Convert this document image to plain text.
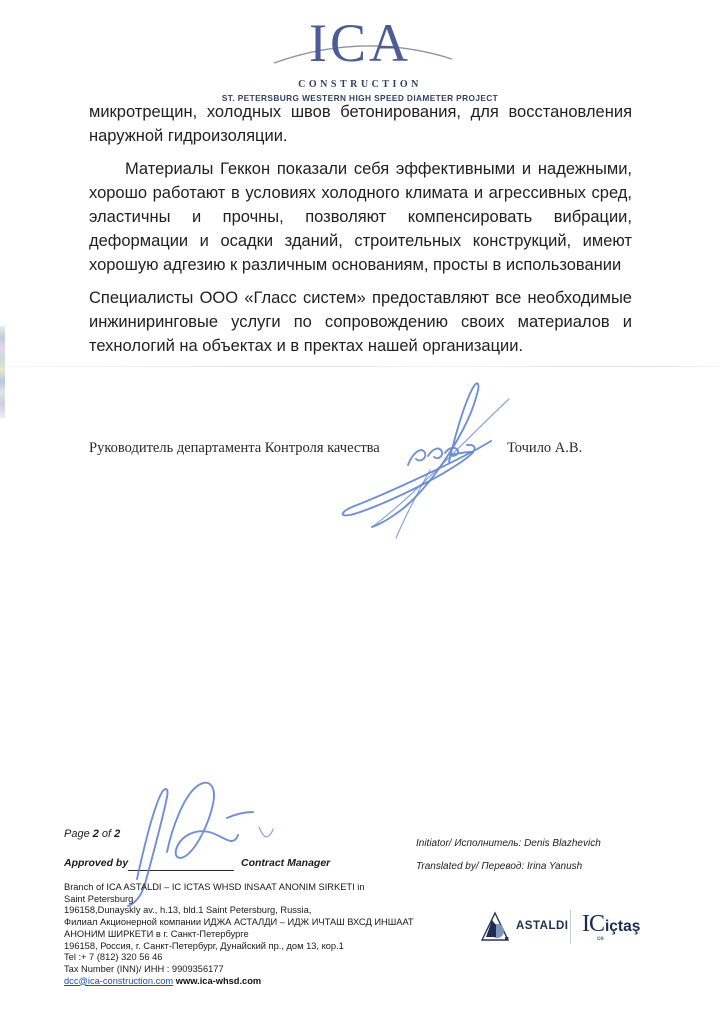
ICA
CONSTRUCTION
ST. PETERSBURG WESTERN HIGH SPEED DIAMETER PROJECT

микротрещин, холодных швов бетонирования, для восстановления наружной гидроизоляции.

Материалы Геккон показали себя эффективными и надежными, хорошо работают в условиях холодного климата и агрессивных сред, эластичны и прочны, позволяют компенсировать вибрации, деформации и осадки зданий, строительных конструкций, имеют хорошую адгезию к различным основаниям, просты в использовании

Специалисты ООО «Гласс систем» предоставляют все необходимые инжиниринговые услуги по сопровождению своих материалов и технологий на объектах и в пректах нашей организации.

Руководитель департамента Контроля качества	Точило А.В.
Page 2 of 2
Approved by	Contract Manager
Initiator/ Исполнитель: Denis Blazhevich
Translated by/ Перевод: Irina Yanush
Branch of ICA ASTALDI – IC ICTAS WHSD INSAAT ANONIM SIRKETI in
Saint Petersburg
196158,Dunayskly av., h.13, bld.1 Saint Petersburg, Russia,
Филиал Акционерной компании ИДЖА АСТАЛДИ – ИДЖ ИЧТАШ ВХСД ИНШААТ
АНОНИМ ШИРКЕТИ в г. Санкт-Петербурге
196158, Россия, г. Санкт-Петербург, Дунайский пр., дом 13, кор.1
Tel :+ 7 (812) 320 56 46
Tax Number (INN)/ ИНН : 9909356177
dcc@ica-construction.com www.ica-whsd.com
ASTALDI ICiçtaş
ce
